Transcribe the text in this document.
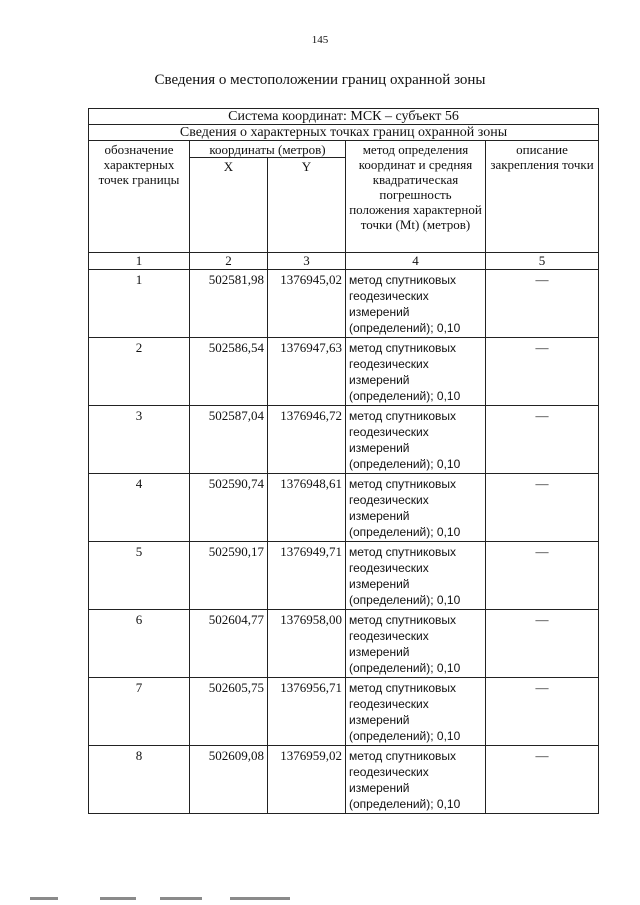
145
Сведения о местоположении границ охранной зоны
Система координат: МСК – субъект 56				
Сведения о характерных точках границ охранной зоны				
обозначение характерных точек границы	координаты (метров)		метод определения координат и средняя квадратическая погрешность положения характерной точки (Mt) (метров)	описание закрепления точки
	X	Y		
1	2	3	4	5
1	502581,98	1376945,02	метод спутниковых геодезических измерений (определений); 0,10	—
2	502586,54	1376947,63	метод спутниковых геодезических измерений (определений); 0,10	—
3	502587,04	1376946,72	метод спутниковых геодезических измерений (определений); 0,10	—
4	502590,74	1376948,61	метод спутниковых геодезических измерений (определений); 0,10	—
5	502590,17	1376949,71	метод спутниковых геодезических измерений (определений); 0,10	—
6	502604,77	1376958,00	метод спутниковых геодезических измерений (определений); 0,10	—
7	502605,75	1376956,71	метод спутниковых геодезических измерений (определений); 0,10	—
8	502609,08	1376959,02	метод спутниковых геодезических измерений (определений); 0,10	—
